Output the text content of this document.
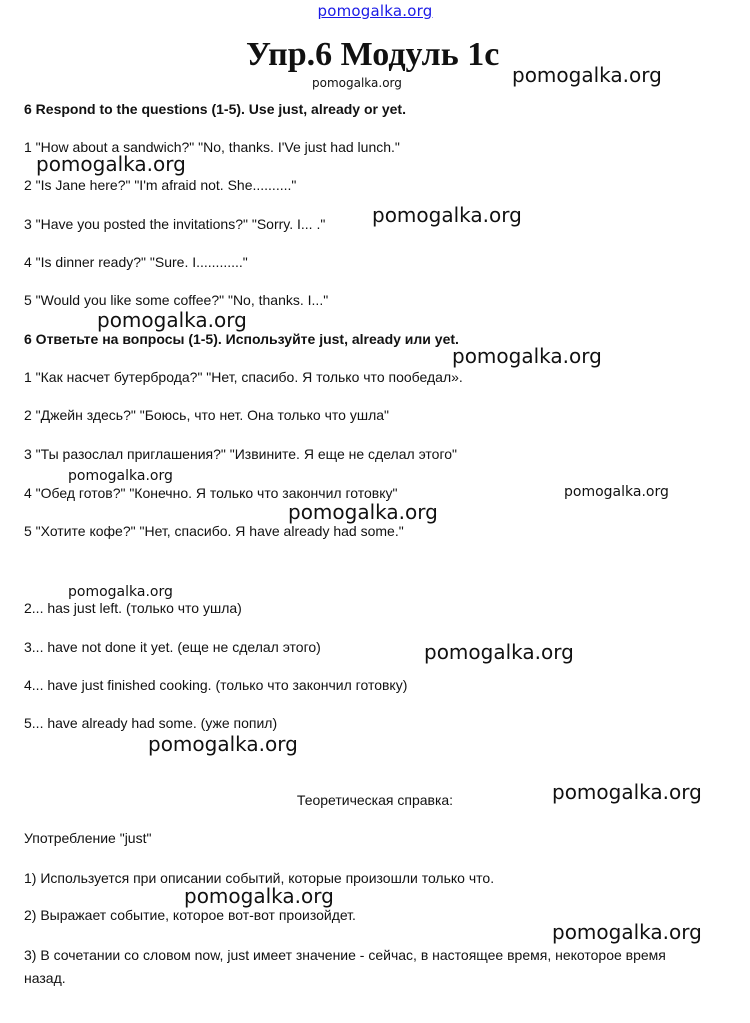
pomogalka.org
Упр.6 Модуль 1с
6 Respond to the questions (1-5). Use just, already or yet.
1 "How about a sandwich?" "No, thanks. I'Ve just had lunch."
2 "Is Jane here?" "I'm afraid not. She.........."
3 "Have you posted the invitations?" "Sorry. I... ."
4 "Is dinner ready?" "Sure. I............"
5 "Would you like some coffee?" "No, thanks. I..."
6 Ответьте на вопросы (1-5). Используйте just, already или yet.
1 "Как насчет бутерброда?" "Нет, спасибо. Я только что пообедал».
2 "Джейн здесь?" "Боюсь, что нет. Она только что ушла"
3 "Ты разослал приглашения?" "Извините. Я еще не сделал этого"
4 "Обед готов?" "Конечно. Я только что закончил готовку"
5 "Хотите кофе?" "Нет, спасибо. Я have already had some."
2... has just left. (только что ушла)
3... have not done it yet. (еще не сделал этого)
4... have just finished cooking. (только что закончил готовку)
5... have already had some. (уже попил)
Теоретическая справка:
Употребление "just"
1) Используется при описании событий, которые произошли только что.
2) Выражает событие, которое вот-вот произойдет.
3) В сочетании со словом now, just имеет значение - сейчас, в настоящее время, некоторое время
назад.
pomogalka.org	pomogalka.org
pomogalka.org
pomogalka.org
pomogalka.org
pomogalka.org
pomogalka.org
pomogalka.org
pomogalka.org
pomogalka.org
pomogalka.org
pomogalka.org
pomogalka.org
pomogalka.org
pomogalka.org
